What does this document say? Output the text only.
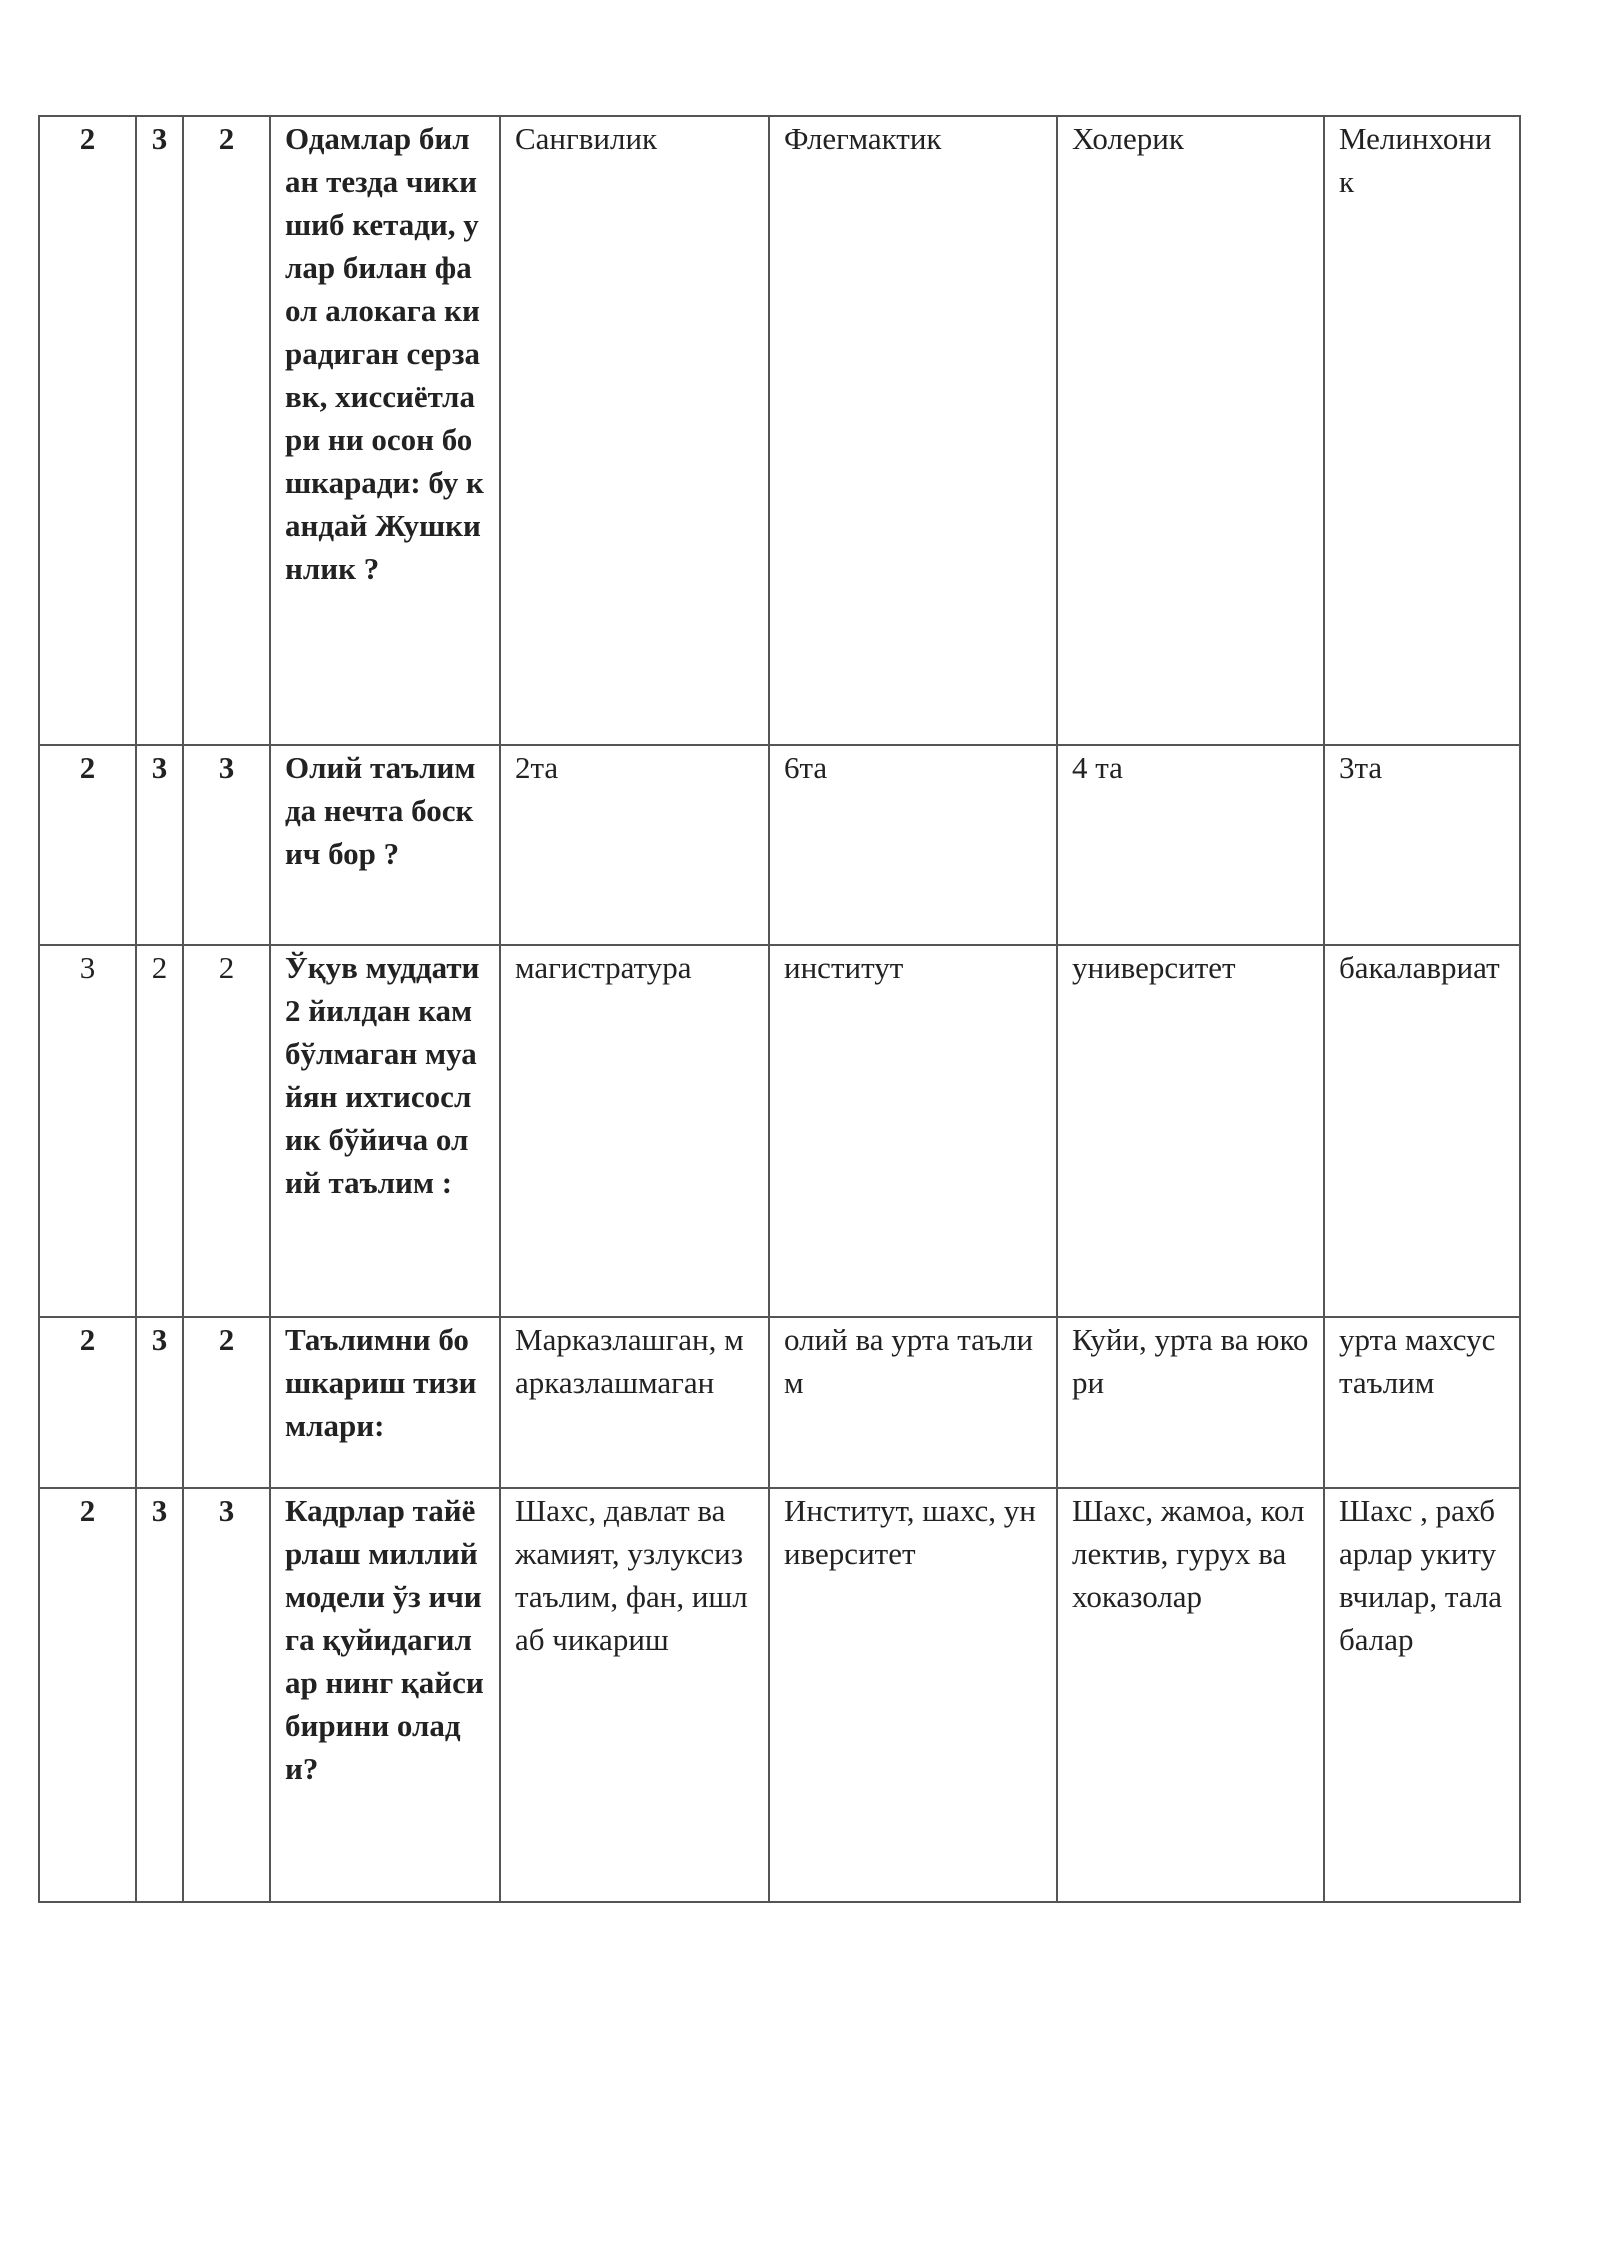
2	3	2	Одамлар билан тезда чикишиб кетади, улар билан фаол алокага кирадиган серзавк, хиссиётлари ни осон бошкаради: бу кандай Жушкинлик ?	Сангвилик	Флегмактик	Холерик	Мелинхоник
2	3	3	Олий таълимда нечта боскич бор ?	2та	6та	4 та	3та
3	2	2	Ўқув муддати 2 йилдан кам бўлмаган муайян ихтисослик бўйича олий таълим :	магистратура	институт	университет	бакалавриат
2	3	2	Таълимни бошкариш тизимлари:	Марказлашган, марказлашмаган	олий ва урта таълим	Куйи, урта ва юкори	урта махсус таълим
2	3	3	Кадрлар тайёрлаш миллий модели ўз ичига қуйидагилар нинг қайси бирини олади?	Шахс, давлат ва жамият, узлуксиз таълим, фан, ишлаб чикариш	Институт, шахс, университет	Шахс, жамоа, коллектив, гурух ва хоказолар	Шахс , рахбарлар укитувчилар, талабалар
